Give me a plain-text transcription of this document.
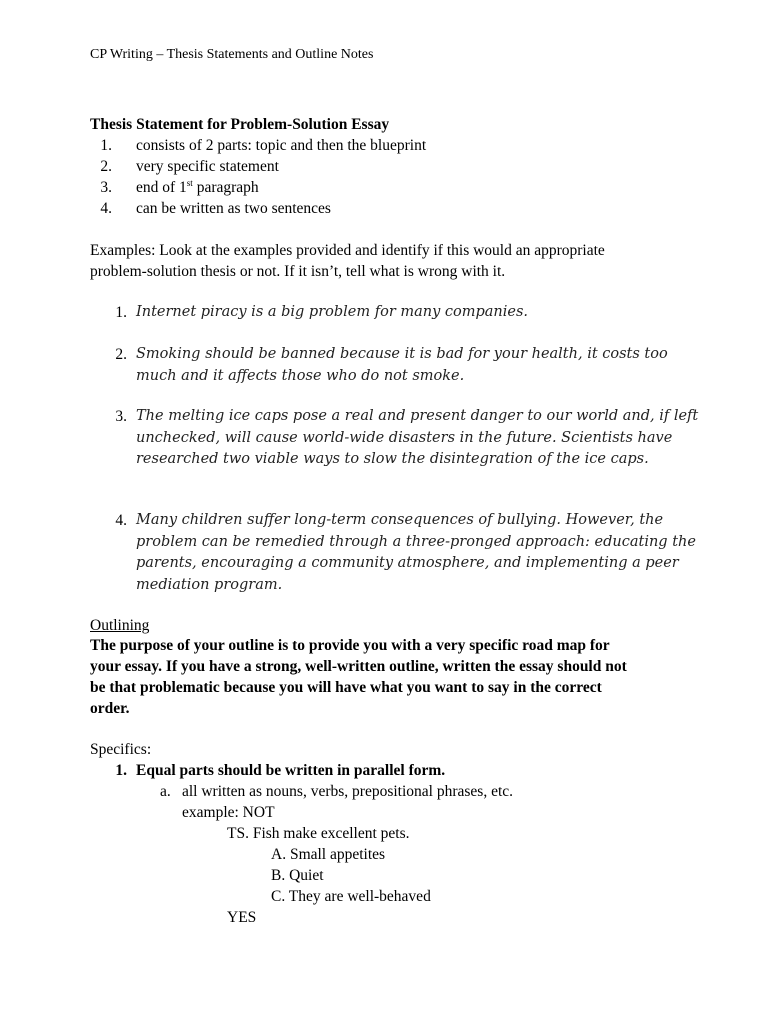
CP Writing – Thesis Statements and Outline Notes
Thesis Statement for Problem-Solution Essay
1. consists of 2 parts: topic and then the blueprint
2. very specific statement
3. end of 1st paragraph
4. can be written as two sentences
Examples: Look at the examples provided and identify if this would an appropriate
problem-solution thesis or not. If it isn’t, tell what is wrong with it.
1. Internet piracy is a big problem for many companies.
2. Smoking should be banned because it is bad for your health, it costs too
much and it affects those who do not smoke.
3. The melting ice caps pose a real and present danger to our world and, if left
unchecked, will cause world-wide disasters in the future. Scientists have
researched two viable ways to slow the disintegration of the ice caps.
4. Many children suffer long-term consequences of bullying. However, the
problem can be remedied through a three-pronged approach: educating the
parents, encouraging a community atmosphere, and implementing a peer
mediation program.
Outlining
The purpose of your outline is to provide you with a very specific road map for
your essay. If you have a strong, well-written outline, written the essay should not
be that problematic because you will have what you want to say in the correct
order.
Specifics:
1. Equal parts should be written in parallel form.
a. all written as nouns, verbs, prepositional phrases, etc.
example: NOT
TS. Fish make excellent pets.
A. Small appetites
B. Quiet
C. They are well-behaved
YES
